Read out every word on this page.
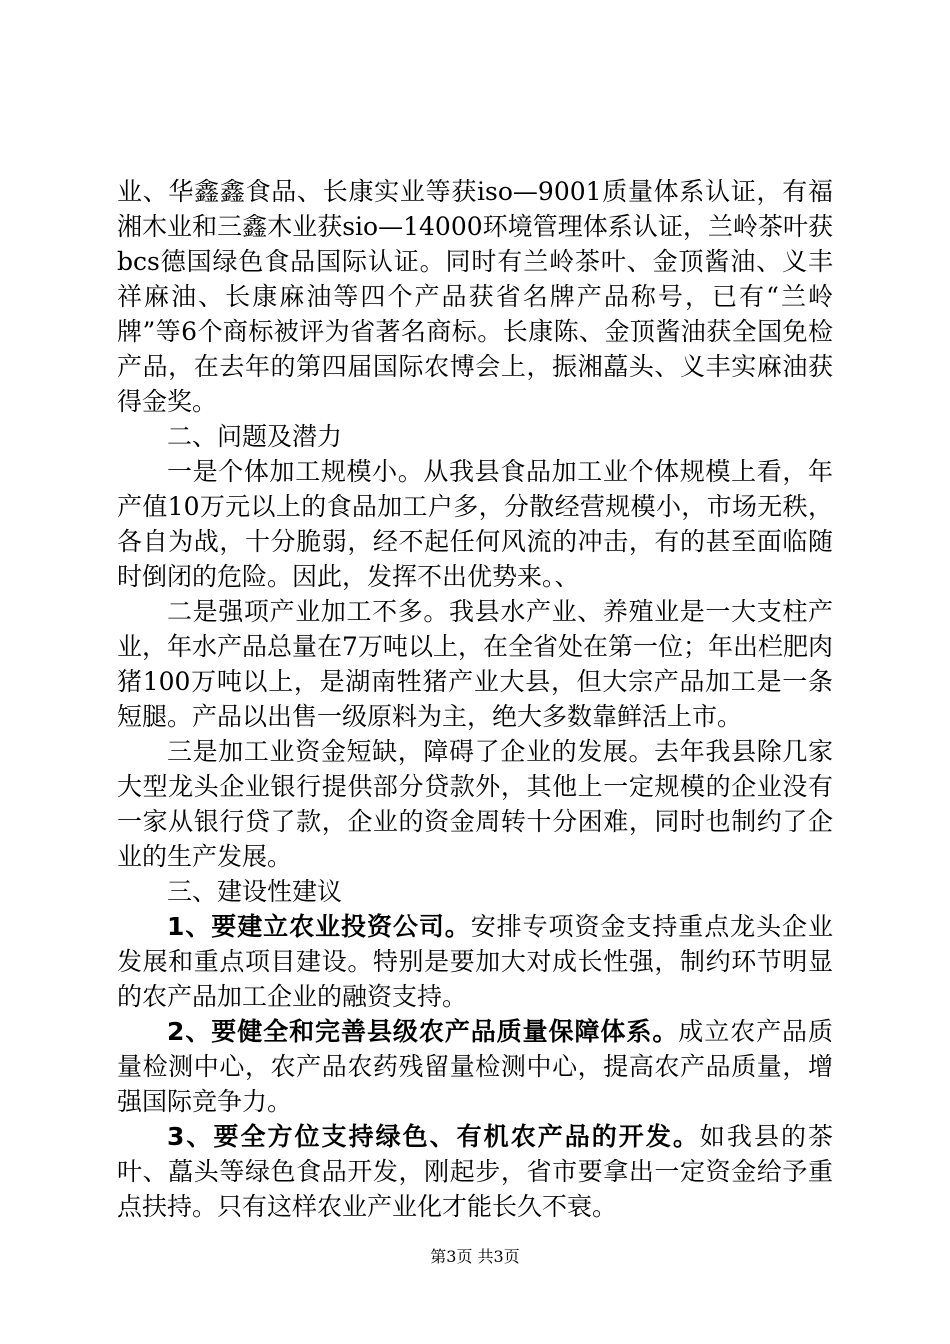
业、华鑫鑫食品、长康实业等获iso—9001质量体系认证，有福湘木业和三鑫木业获sio—14000环境管理体系认证，兰岭茶叶获bcs德国绿色食品国际认证。同时有兰岭茶叶、金顶酱油、义丰祥麻油、长康麻油等四个产品获省名牌产品称号，已有“兰岭牌”等6个商标被评为省著名商标。长康陈、金顶酱油获全国免检产品，在去年的第四届国际农博会上，振湘藠头、义丰实麻油获得金奖。

二、问题及潜力

一是个体加工规模小。从我县食品加工业个体规模上看，年产值10万元以上的食品加工户多，分散经营规模小，市场无秩，各自为战，十分脆弱，经不起任何风流的冲击，有的甚至面临随时倒闭的危险。因此，发挥不出优势来。、

二是强项产业加工不多。我县水产业、养殖业是一大支柱产业，年水产品总量在7万吨以上，在全省处在第一位；年出栏肥肉猪100万吨以上，是湖南牲猪产业大县，但大宗产品加工是一条短腿。产品以出售一级原料为主，绝大多数靠鲜活上市。

三是加工业资金短缺，障碍了企业的发展。去年我县除几家大型龙头企业银行提供部分贷款外，其他上一定规模的企业没有一家从银行贷了款，企业的资金周转十分困难，同时也制约了企业的生产发展。

三、建设性建议

1、要建立农业投资公司。安排专项资金支持重点龙头企业发展和重点项目建设。特别是要加大对成长性强，制约环节明显的农产品加工企业的融资支持。

2、要健全和完善县级农产品质量保障体系。成立农产品质量检测中心，农产品农药残留量检测中心，提高农产品质量，增强国际竞争力。

3、要全方位支持绿色、有机农产品的开发。如我县的茶叶、藠头等绿色食品开发，刚起步，省市要拿出一定资金给予重点扶持。只有这样农业产业化才能长久不衰。

第3页 共3页
